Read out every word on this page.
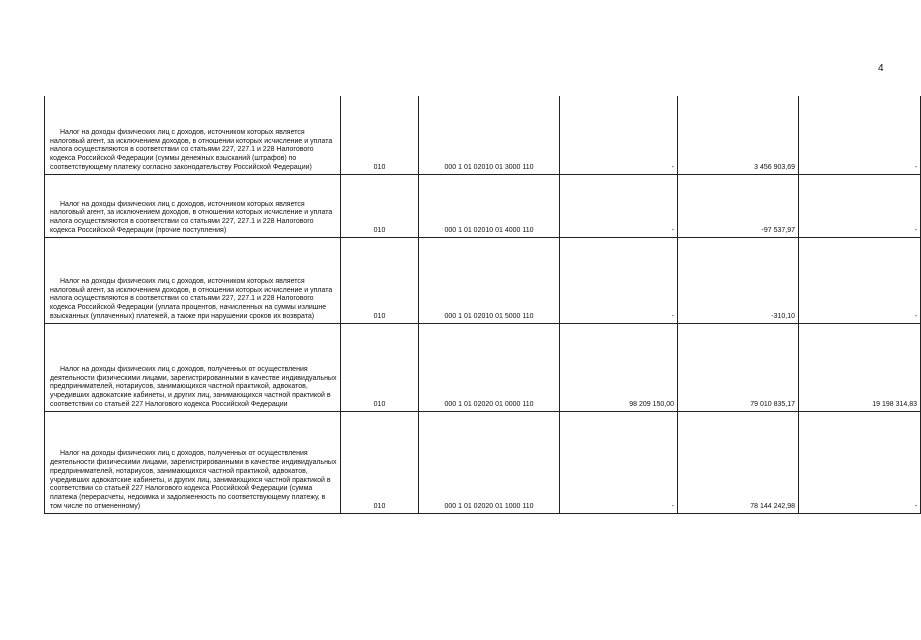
4
Налог на доходы физических лиц с доходов, источником которых является налоговый агент, за исключением доходов, в отношении которых исчисление и уплата налога осуществляются в соответствии со статьями 227, 227.1 и 228 Налогового кодекса Российской Федерации (суммы денежных взысканий (штрафов) по соответствующему платежу согласно законодательству Российской Федерации)	010	000 1 01 02010 01 3000 110	-	3 456 903,69	-

Налог на доходы физических лиц с доходов, источником которых является налоговый агент, за исключением доходов, в отношении которых исчисление и уплата налога осуществляются в соответствии со статьями 227, 227.1 и 228 Налогового кодекса Российской Федерации (прочие поступления)	010	000 1 01 02010 01 4000 110	-	-97 537,97	-

Налог на доходы физических лиц с доходов, источником которых является налоговый агент, за исключением доходов, в отношении которых исчисление и уплата налога осуществляются в соответствии со статьями 227, 227.1 и 228 Налогового кодекса Российской Федерации (уплата процентов, начисленных на суммы излишне взысканных (уплаченных) платежей, а также при нарушении сроков их возврата)	010	000 1 01 02010 01 5000 110	-	-310,10	-

Налог на доходы физических лиц с доходов, полученных от осуществления деятельности физическими лицами, зарегистрированными в качестве индивидуальных предпринимателей, нотариусов, занимающихся частной практикой, адвокатов, учредивших адвокатские кабинеты, и других лиц, занимающихся частной практикой в соответствии со статьей 227 Налогового кодекса Российской Федерации	010	000 1 01 02020 01 0000 110	98 209 150,00	79 010 835,17	19 198 314,83

Налог на доходы физических лиц с доходов, полученных от осуществления деятельности физическими лицами, зарегистрированными в качестве индивидуальных предпринимателей, нотариусов, занимающихся частной практикой, адвокатов, учредивших адвокатские кабинеты, и других лиц, занимающихся частной практикой в соответствии со статьей 227 Налогового кодекса Российской Федерации (сумма платежа (перерасчеты, недоимка и задолженность по соответствующему платежу, в том числе по отмененному)	010	000 1 01 02020 01 1000 110	-	78 144 242,98	-
